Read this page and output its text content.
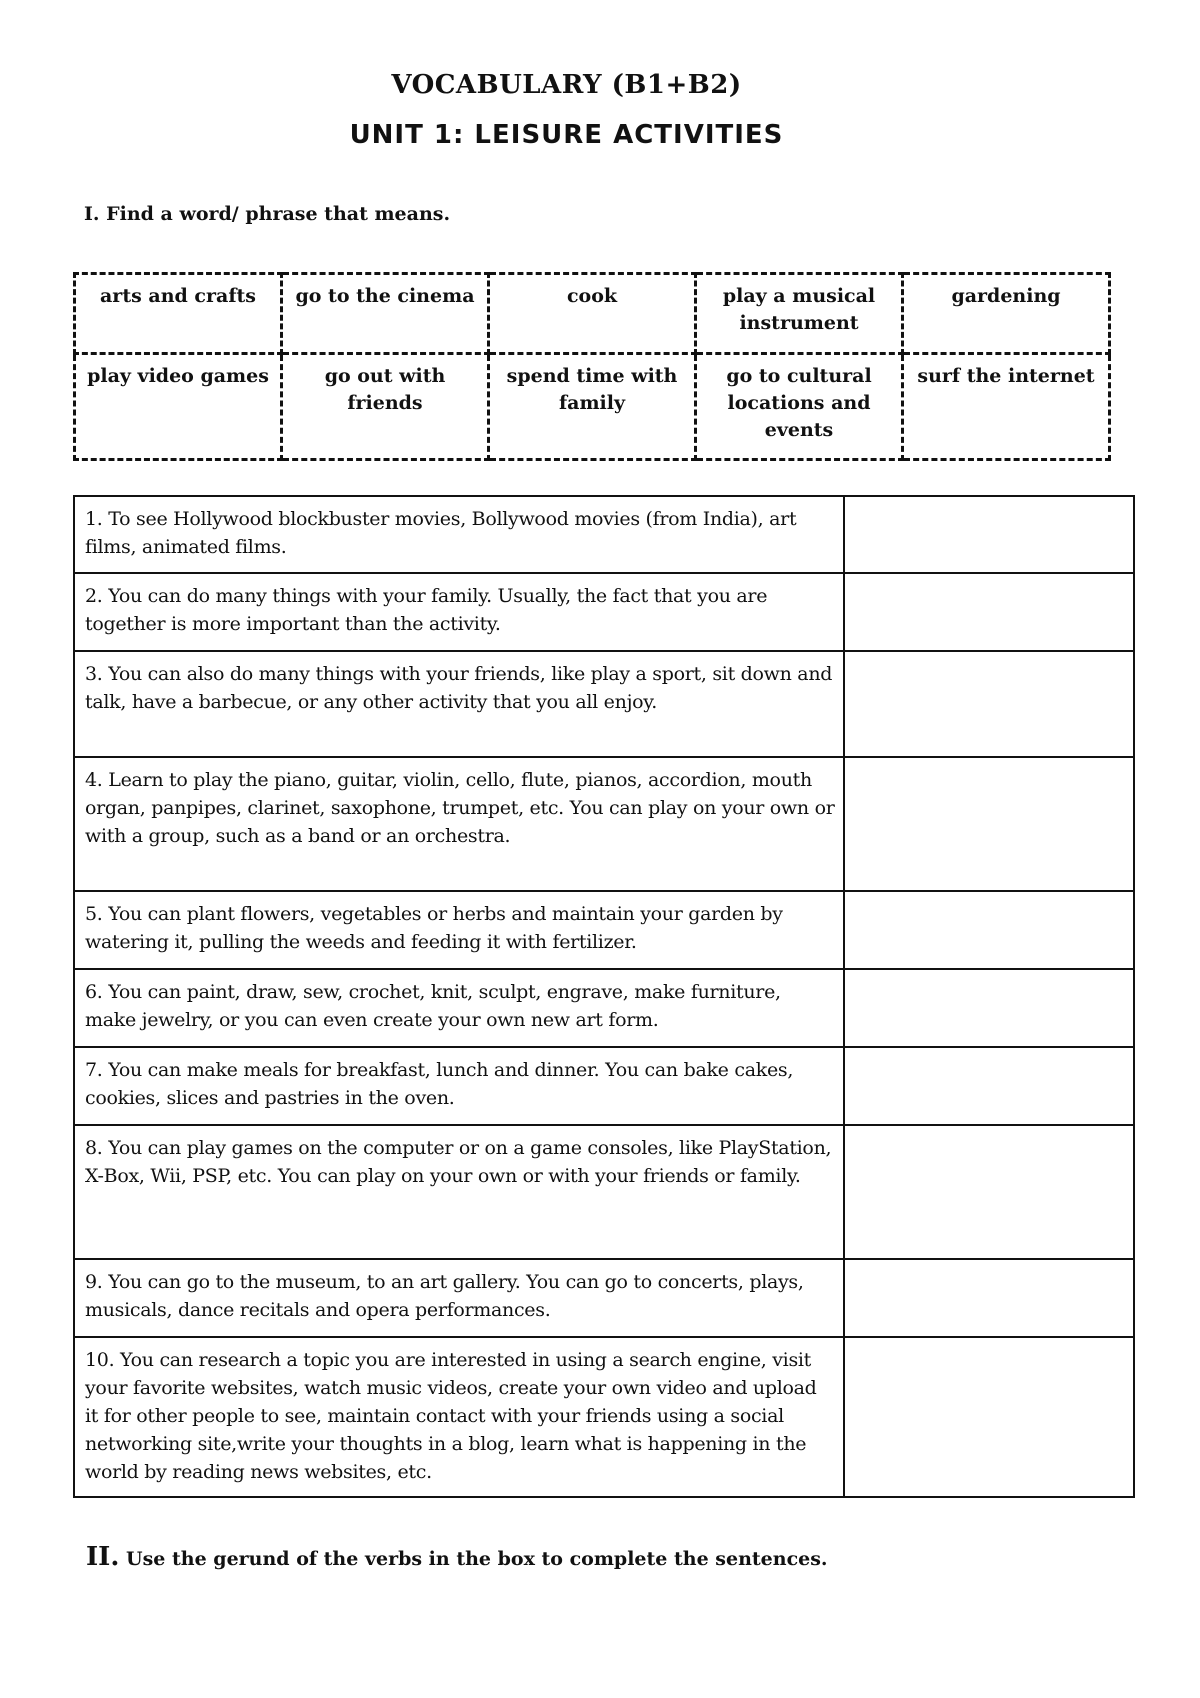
VOCABULARY (B1+B2)
UNIT 1: LEISURE ACTIVITIES
I. Find a word/ phrase that means.
arts and crafts	go to the cinema	cook	play a musical instrument	gardening
play video games	go out with friends	spend time with family	go to cultural locations and events	surf the internet
1. To see Hollywood blockbuster movies, Bollywood movies (from India), art films, animated films.	
2. You can do many things with your family. Usually, the fact that you are together is more important than the activity.	
3. You can also do many things with your friends, like play a sport, sit down and talk, have a barbecue, or any other activity that you all enjoy.	
4. Learn to play the piano, guitar, violin, cello, flute, pianos, accordion, mouth organ, panpipes, clarinet, saxophone, trumpet, etc. You can play on your own or with a group, such as a band or an orchestra.	
5. You can plant flowers, vegetables or herbs and maintain your garden by watering it, pulling the weeds and feeding it with fertilizer.	
6. You can paint, draw, sew, crochet, knit, sculpt, engrave, make furniture, make jewelry, or you can even create your own new art form.	
7. You can make meals for breakfast, lunch and dinner. You can bake cakes, cookies, slices and pastries in the oven.	
8. You can play games on the computer or on a game consoles, like PlayStation, X-Box, Wii, PSP, etc. You can play on your own or with your friends or family.	
9. You can go to the museum, to an art gallery. You can go to concerts, plays, musicals, dance recitals and opera performances.	
10. You can research a topic you are interested in using a search engine, visit your favorite websites, watch music videos, create your own video and upload it for other people to see, maintain contact with your friends using a social networking site,write your thoughts in a blog, learn what is happening in the world by reading news websites, etc.	
II. Use the gerund of the verbs in the box to complete the sentences.
